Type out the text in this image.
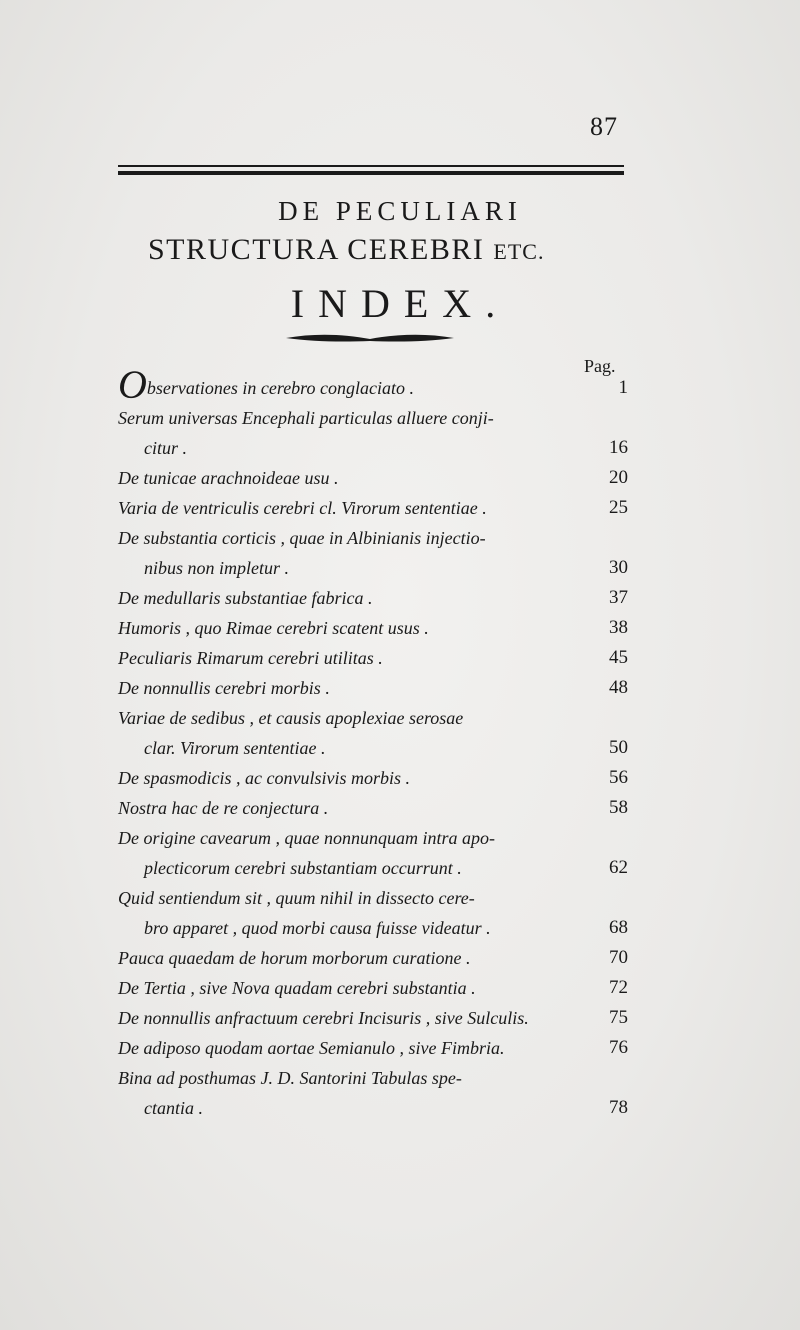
87
DE PECULIARI
STRUCTURA CEREBRI ETC.
INDEX.
Pag.
Observationes in cerebro conglaciato .	1
Serum universas Encephali particulas alluere conji-
citur .	16
De tunicae arachnoideae usu .	20
Varia de ventriculis cerebri cl. Virorum sententiae .	25
De substantia corticis , quae in Albinianis injectio-
nibus non impletur .	30
De medullaris substantiae fabrica .	37
Humoris , quo Rimae cerebri scatent usus .	38
Peculiaris Rimarum cerebri utilitas .	45
De nonnullis cerebri morbis .	48
Variae de sedibus , et causis apoplexiae serosae
clar. Virorum sententiae .	50
De spasmodicis , ac convulsivis morbis .	56
Nostra hac de re conjectura .	58
De origine cavearum , quae nonnunquam intra apo-
plecticorum cerebri substantiam occurrunt .	62
Quid sentiendum sit , quum nihil in dissecto cere-
bro apparet , quod morbi causa fuisse videatur .	68
Pauca quaedam de horum morborum curatione .	70
De Tertia , sive Nova quadam cerebri substantia .	72
De nonnullis anfractuum cerebri Incisuris , sive Sulculis.	75
De adiposo quodam aortae Semianulo , sive Fimbria.	76
Bina ad posthumas J. D. Santorini Tabulas spe-
ctantia .	78
